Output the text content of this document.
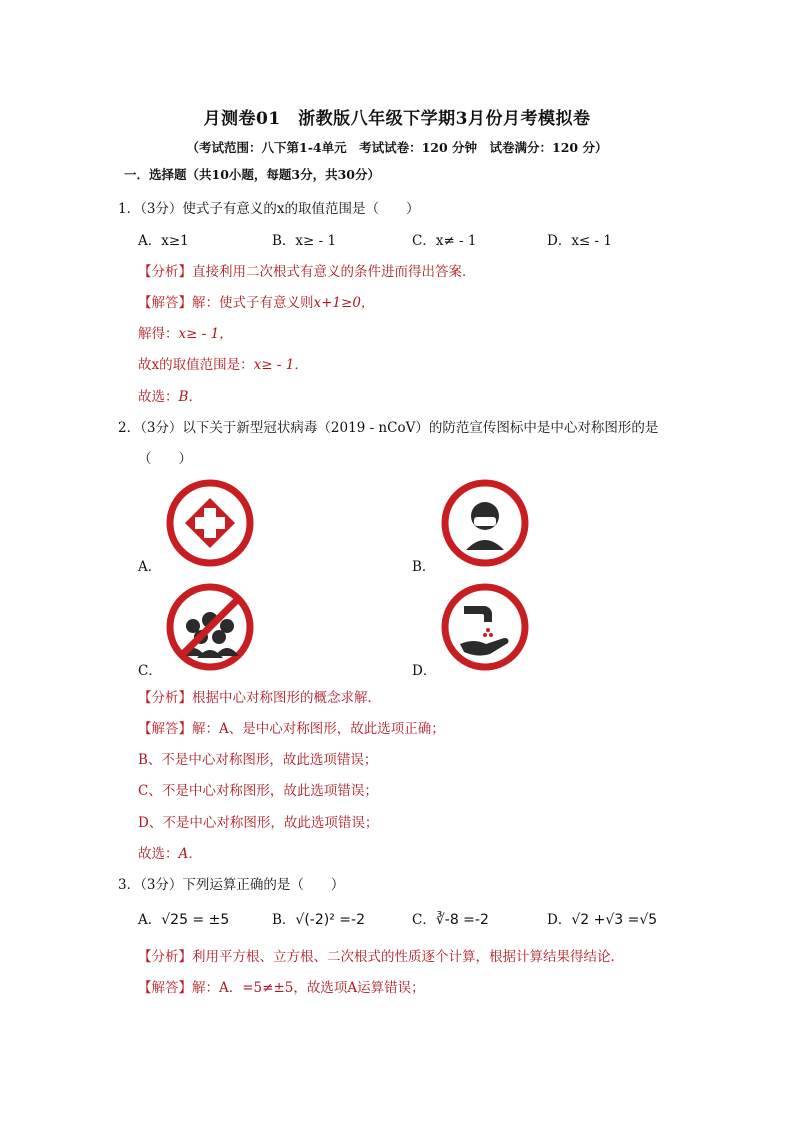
月测卷01　浙教版八年级下学期3月份月考模拟卷
（考试范围：八下第1-4单元　考试试卷：120 分钟　试卷满分：120 分）
一．选择题（共10小题，每题3分，共30分）
1．（3分）使式子有意义的x的取值范围是（　　）
A．x≥1	B．x≥ - 1	C．x≠ - 1	D．x≤ - 1
【分析】直接利用二次根式有意义的条件进而得出答案．
【解答】解：使式子有意义则x+1≥0，
解得：x≥ - 1，
故x的取值范围是：x≥ - 1．
故选：B．
2．（3分）以下关于新型冠状病毒（2019 - nCoV）的防范宣传图标中是中心对称图形的是
（　　）
A．	B．
C．	D．
【分析】根据中心对称图形的概念求解．
【解答】解：A、是中心对称图形，故此选项正确；
B、不是中心对称图形，故此选项错误；
C、不是中心对称图形，故此选项错误；
D、不是中心对称图形，故此选项错误；
故选：A．
3．（3分）下列运算正确的是（　　）
A．√25 = ±5	B．√(-2)² =-2	C．∛-8 =-2	D．√2 +√3 =√5
【分析】利用平方根、立方根、二次根式的性质逐个计算，根据计算结果得结论．
【解答】解：A．=5≠±5，故选项A运算错误；
